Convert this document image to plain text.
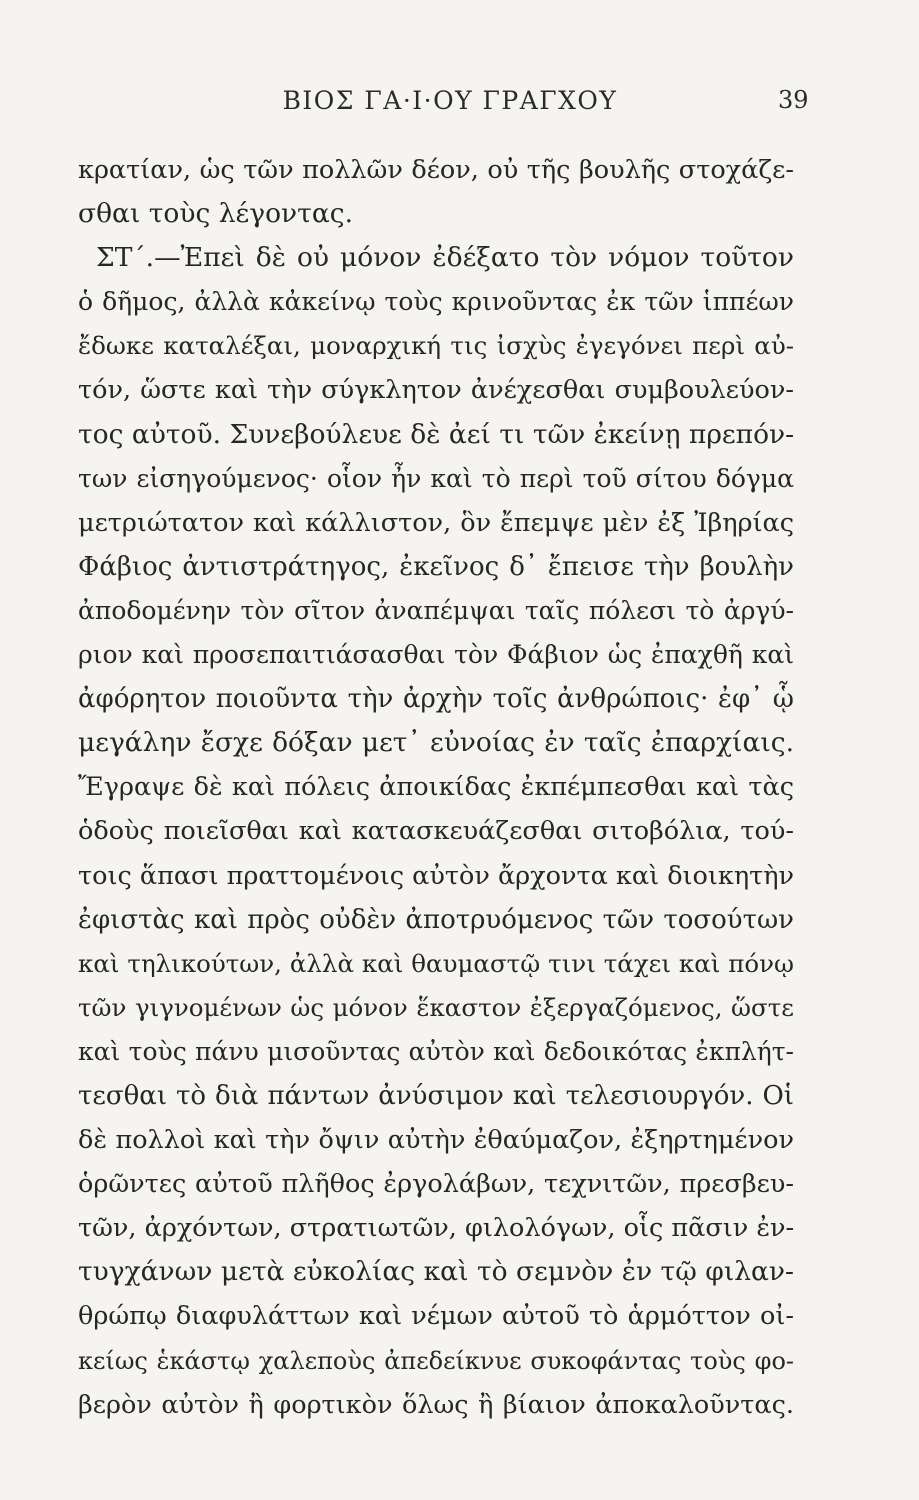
ΒΙΟΣ ΓΑ·Ι·ΟΥ ΓΡΑΓΧΟΥ	39
κρατίαν, ὡς τῶν πολλῶν δέον, οὐ τῆς βουλῆς στοχάζε-
σθαι τοὺς λέγοντας.
ΣΤ΄.—Ἐπεὶ δὲ οὐ μόνον ἐδέξατο τὸν νόμον τοῦτον
ὁ δῆμος, ἀλλὰ κἀκείνῳ τοὺς κρινοῦντας ἐκ τῶν ἱππέων
ἔδωκε καταλέξαι, μοναρχική τις ἰσχὺς ἐγεγόνει περὶ αὐ-
τόν, ὥστε καὶ τὴν σύγκλητον ἀνέχεσθαι συμβουλεύον-
τος αὐτοῦ. Συνεβούλευε δὲ ἀεί τι τῶν ἐκείνῃ πρεπόν-
των εἰσηγούμενος· οἷον ἦν καὶ τὸ περὶ τοῦ σίτου δόγμα
μετριώτατον καὶ κάλλιστον, ὃν ἔπεμψε μὲν ἐξ Ἰβηρίας
Φάβιος ἀντιστράτηγος, ἐκεῖνος δ᾽ ἔπεισε τὴν βουλὴν
ἀποδομένην τὸν σῖτον ἀναπέμψαι ταῖς πόλεσι τὸ ἀργύ-
ριον καὶ προσεπαιτιάσασθαι τὸν Φάβιον ὡς ἐπαχθῆ καὶ
ἀφόρητον ποιοῦντα τὴν ἀρχὴν τοῖς ἀνθρώποις· ἐφ᾽ ᾧ
μεγάλην ἔσχε δόξαν μετ᾽ εὐνοίας ἐν ταῖς ἐπαρχίαις.
Ἔγραψε δὲ καὶ πόλεις ἀποικίδας ἐκπέμπεσθαι καὶ τὰς
ὁδοὺς ποιεῖσθαι καὶ κατασκευάζεσθαι σιτοβόλια, τού-
τοις ἅπασι πραττομένοις αὐτὸν ἄρχοντα καὶ διοικητὴν
ἐφιστὰς καὶ πρὸς οὐδὲν ἀποτρυόμενος τῶν τοσούτων
καὶ τηλικούτων, ἀλλὰ καὶ θαυμαστῷ τινι τάχει καὶ πόνῳ
τῶν γιγνομένων ὡς μόνον ἕκαστον ἐξεργαζόμενος, ὥστε
καὶ τοὺς πάνυ μισοῦντας αὐτὸν καὶ δεδοικότας ἐκπλήτ-
τεσθαι τὸ διὰ πάντων ἀνύσιμον καὶ τελεσιουργόν. Οἱ
δὲ πολλοὶ καὶ τὴν ὄψιν αὐτὴν ἐθαύμαζον, ἐξηρτημένον
ὁρῶντες αὐτοῦ πλῆθος ἐργολάβων, τεχνιτῶν, πρεσβευ-
τῶν, ἀρχόντων, στρατιωτῶν, φιλολόγων, οἷς πᾶσιν ἐν-
τυγχάνων μετὰ εὐκολίας καὶ τὸ σεμνὸν ἐν τῷ φιλαν-
θρώπῳ διαφυλάττων καὶ νέμων αὐτοῦ τὸ ἁρμόττον οἰ-
κείως ἑκάστῳ χαλεποὺς ἀπεδείκνυε συκοφάντας τοὺς φο-
βερὸν αὐτὸν ἢ φορτικὸν ὅλως ἢ βίαιον ἀποκαλοῦντας.
